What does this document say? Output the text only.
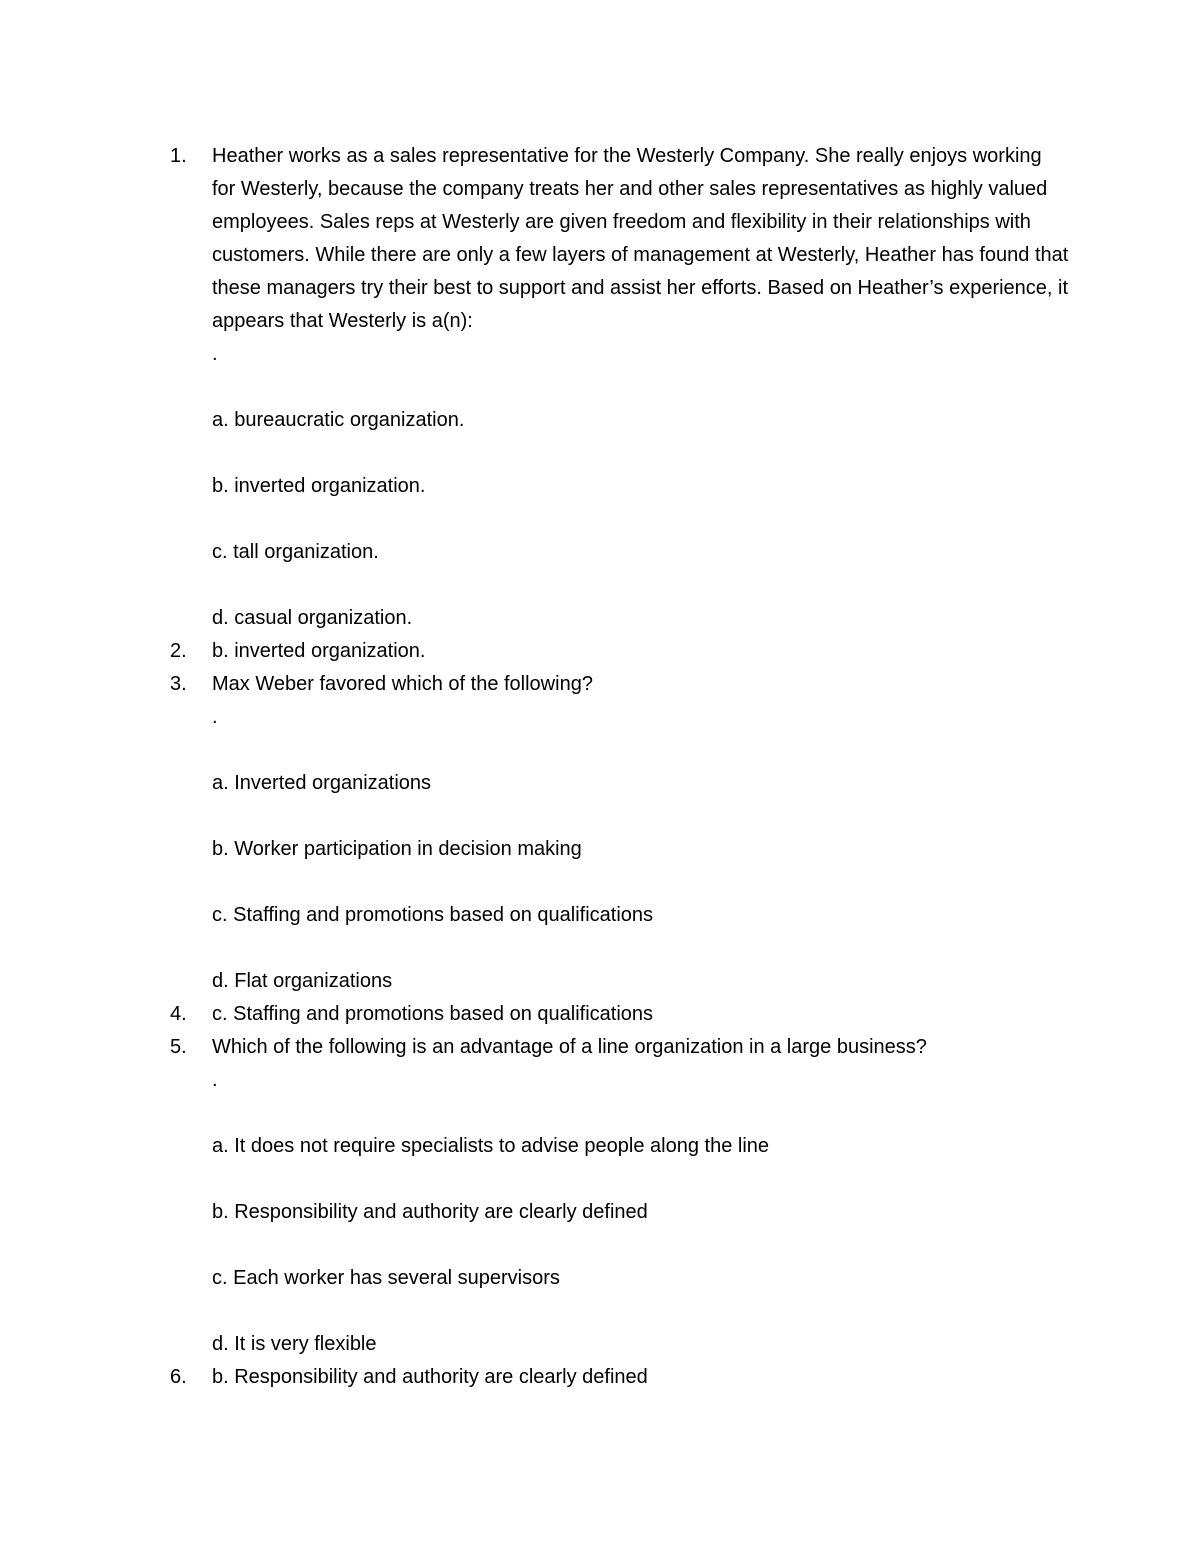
1.	Heather works as a sales representative for the Westerly Company. She really enjoys working for Westerly, because the company treats her and other sales representatives as highly valued employees. Sales reps at Westerly are given freedom and flexibility in their relationships with customers. While there are only a few layers of management at Westerly, Heather has found that these managers try their best to support and assist her efforts. Based on Heather’s experience, it appears that Westerly is a(n):
.
a. bureaucratic organization.
b. inverted organization.
c. tall organization.
d. casual organization.
2.	b. inverted organization.
3.	Max Weber favored which of the following?
.
a. Inverted organizations
b. Worker participation in decision making
c. Staffing and promotions based on qualifications
d. Flat organizations
4.	c. Staffing and promotions based on qualifications
5.	Which of the following is an advantage of a line organization in a large business?
.
a. It does not require specialists to advise people along the line
b. Responsibility and authority are clearly defined
c. Each worker has several supervisors
d. It is very flexible
6.	b. Responsibility and authority are clearly defined
